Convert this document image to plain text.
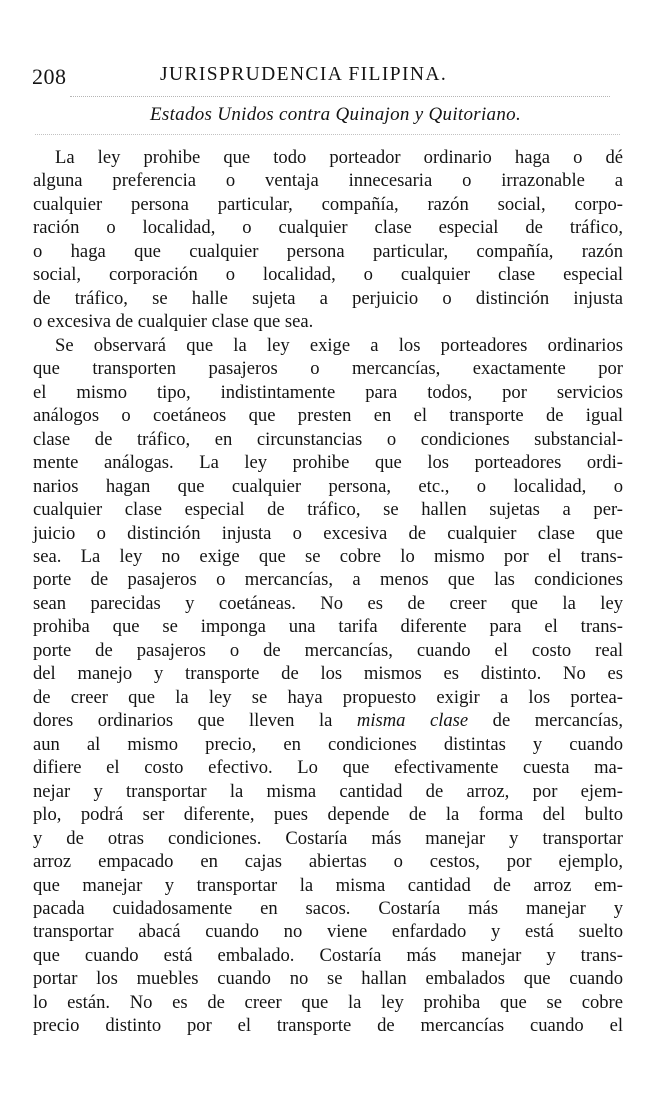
208	JURISPRUDENCIA FILIPINA.
Estados Unidos contra Quinajon y Quitoriano.
La ley prohibe que todo porteador ordinario haga o dé
alguna preferencia o ventaja innecesaria o irrazonable a
cualquier persona particular, compañía, razón social, corpo-
ración o localidad, o cualquier clase especial de tráfico,
o haga que cualquier persona particular, compañía, razón
social, corporación o localidad, o cualquier clase especial
de tráfico, se halle sujeta a perjuicio o distinción injusta
o excesiva de cualquier clase que sea.
Se observará que la ley exige a los porteadores ordinarios
que transporten pasajeros o mercancías, exactamente por
el mismo tipo, indistintamente para todos, por servicios
análogos o coetáneos que presten en el transporte de igual
clase de tráfico, en circunstancias o condiciones substancial-
mente análogas. La ley prohibe que los porteadores ordi-
narios hagan que cualquier persona, etc., o localidad, o
cualquier clase especial de tráfico, se hallen sujetas a per-
juicio o distinción injusta o excesiva de cualquier clase que
sea. La ley no exige que se cobre lo mismo por el trans-
porte de pasajeros o mercancías, a menos que las condiciones
sean parecidas y coetáneas. No es de creer que la ley
prohiba que se imponga una tarifa diferente para el trans-
porte de pasajeros o de mercancías, cuando el costo real
del manejo y transporte de los mismos es distinto. No es
de creer que la ley se haya propuesto exigir a los portea-
dores ordinarios que lleven la misma clase de mercancías,
aun al mismo precio, en condiciones distintas y cuando
difiere el costo efectivo. Lo que efectivamente cuesta ma-
nejar y transportar la misma cantidad de arroz, por ejem-
plo, podrá ser diferente, pues depende de la forma del bulto
y de otras condiciones. Costaría más manejar y transportar
arroz empacado en cajas abiertas o cestos, por ejemplo,
que manejar y transportar la misma cantidad de arroz em-
pacada cuidadosamente en sacos. Costaría más manejar y
transportar abacá cuando no viene enfardado y está suelto
que cuando está embalado. Costaría más manejar y trans-
portar los muebles cuando no se hallan embalados que cuando
lo están. No es de creer que la ley prohiba que se cobre
precio distinto por el transporte de mercancías cuando el
